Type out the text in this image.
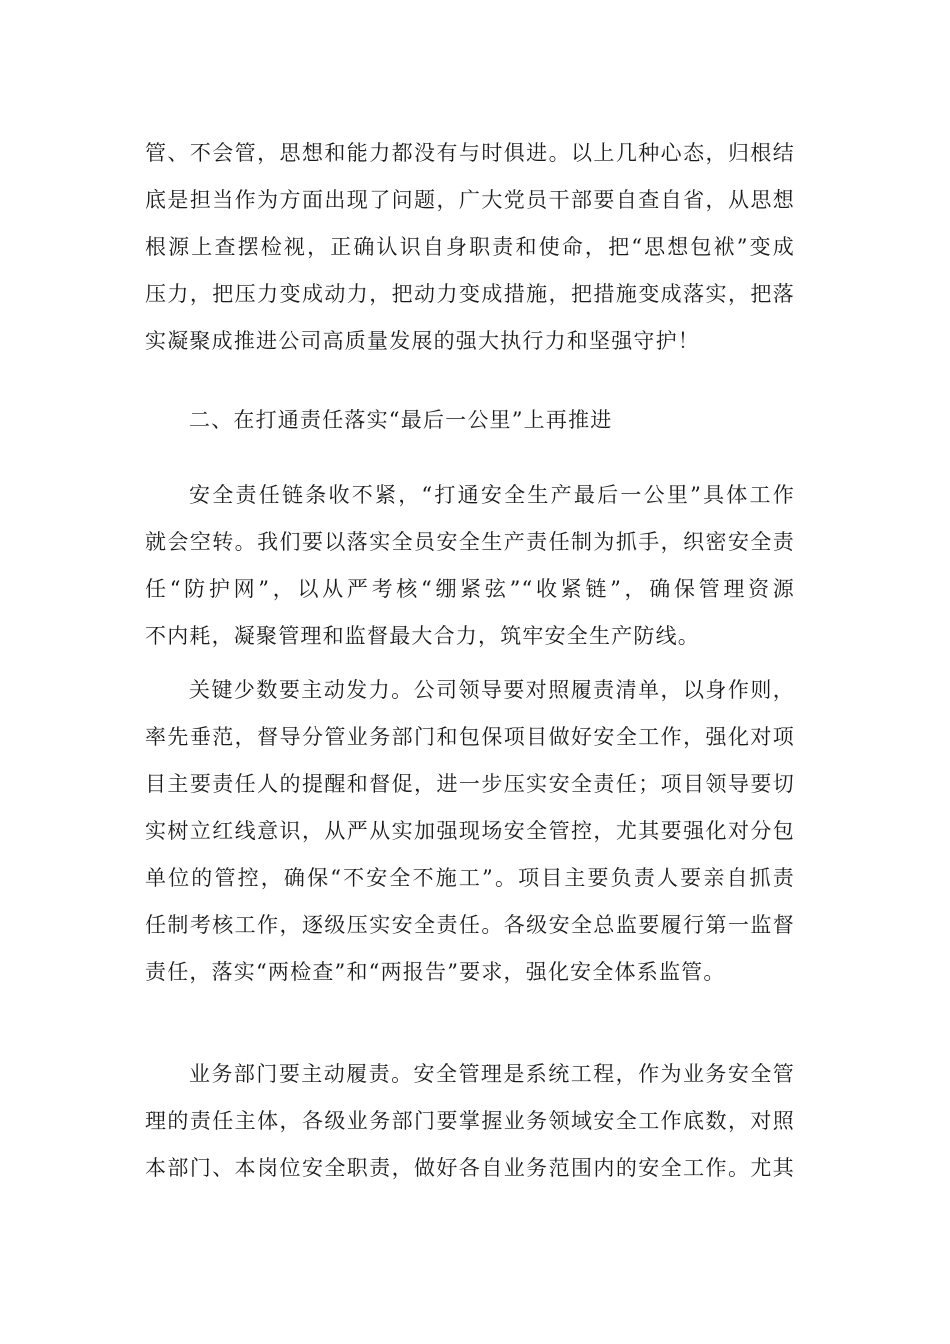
管、不会管，思想和能力都没有与时俱进。以上几种心态，归根结
底是担当作为方面出现了问题，广大党员干部要自查自省，从思想
根源上查摆检视，正确认识自身职责和使命，把“思想包袱”变成
压力，把压力变成动力，把动力变成措施，把措施变成落实，把落
实凝聚成推进公司高质量发展的强大执行力和坚强守护！
二、在打通责任落实“最后一公里”上再推进
安全责任链条收不紧，“打通安全生产最后一公里”具体工作
就会空转。我们要以落实全员安全生产责任制为抓手，织密安全责
任“防护网”，以从严考核“绷紧弦”“收紧链”，确保管理资源
不内耗，凝聚管理和监督最大合力，筑牢安全生产防线。
关键少数要主动发力。公司领导要对照履责清单，以身作则，
率先垂范，督导分管业务部门和包保项目做好安全工作，强化对项
目主要责任人的提醒和督促，进一步压实安全责任；项目领导要切
实树立红线意识，从严从实加强现场安全管控，尤其要强化对分包
单位的管控，确保“不安全不施工”。项目主要负责人要亲自抓责
任制考核工作，逐级压实安全责任。各级安全总监要履行第一监督
责任，落实“两检查”和“两报告”要求，强化安全体系监管。
业务部门要主动履责。安全管理是系统工程，作为业务安全管
理的责任主体，各级业务部门要掌握业务领域安全工作底数，对照
本部门、本岗位安全职责，做好各自业务范围内的安全工作。尤其
